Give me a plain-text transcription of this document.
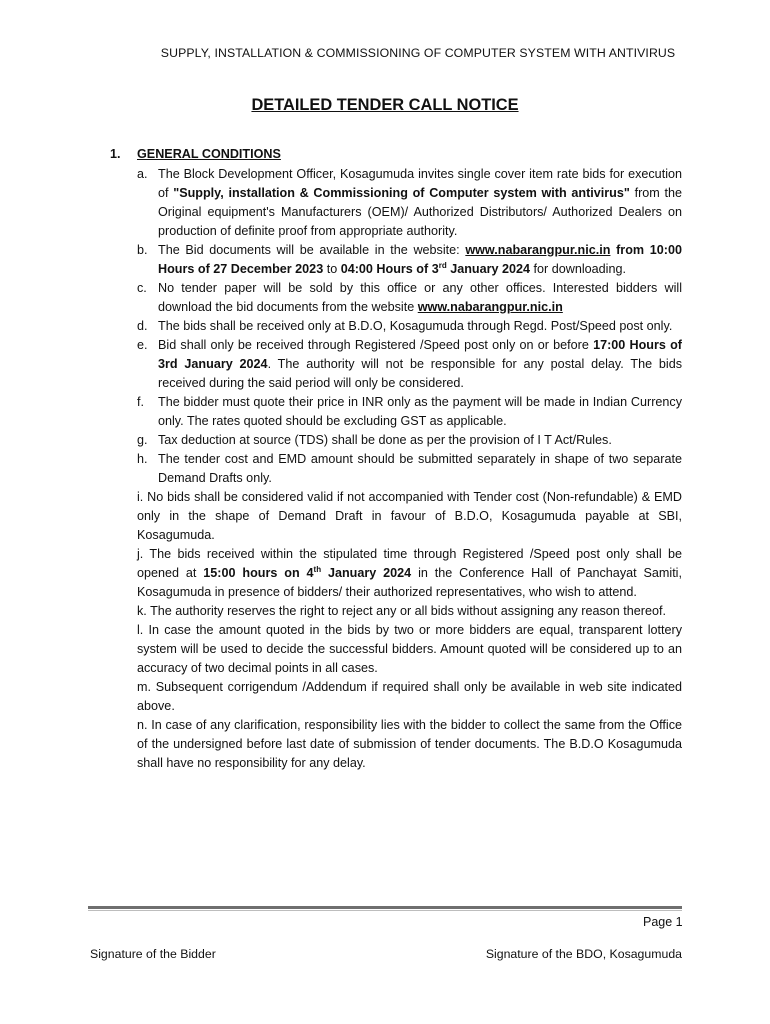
SUPPLY, INSTALLATION & COMMISSIONING OF COMPUTER SYSTEM WITH ANTIVIRUS
DETAILED TENDER CALL NOTICE
1. GENERAL CONDITIONS
a. The Block Development Officer, Kosagumuda invites single cover item rate bids for execution of "Supply, installation & Commissioning of Computer system with antivirus" from the Original equipment's Manufacturers (OEM)/ Authorized Distributors/ Authorized Dealers on production of definite proof from appropriate authority.
b. The Bid documents will be available in the website: www.nabarangpur.nic.in from 10:00 Hours of 27 December 2023 to 04:00 Hours of 3rd January 2024 for downloading.
c. No tender paper will be sold by this office or any other offices. Interested bidders will download the bid documents from the website www.nabarangpur.nic.in
d. The bids shall be received only at B.D.O, Kosagumuda through Regd. Post/Speed post only.
e. Bid shall only be received through Registered /Speed post only on or before 17:00 Hours of 3rd January 2024. The authority will not be responsible for any postal delay. The bids received during the said period will only be considered.
f. The bidder must quote their price in INR only as the payment will be made in Indian Currency only. The rates quoted should be excluding GST as applicable.
g. Tax deduction at source (TDS) shall be done as per the provision of I T Act/Rules.
h. The tender cost and EMD amount should be submitted separately in shape of two separate Demand Drafts only.
i. No bids shall be considered valid if not accompanied with Tender cost (Non-refundable) & EMD only in the shape of Demand Draft in favour of B.D.O, Kosagumuda payable at SBI, Kosagumuda.
j. The bids received within the stipulated time through Registered /Speed post only shall be opened at 15:00 hours on 4th January 2024 in the Conference Hall of Panchayat Samiti, Kosagumuda in presence of bidders/ their authorized representatives, who wish to attend.
k. The authority reserves the right to reject any or all bids without assigning any reason thereof.
l. In case the amount quoted in the bids by two or more bidders are equal, transparent lottery system will be used to decide the successful bidders. Amount quoted will be considered up to an accuracy of two decimal points in all cases.
m. Subsequent corrigendum /Addendum if required shall only be available in web site indicated above.
n. In case of any clarification, responsibility lies with the bidder to collect the same from the Office of the undersigned before last date of submission of tender documents. The B.D.O Kosagumuda shall have no responsibility for any delay.
Page 1
Signature of the Bidder	Signature of the BDO, Kosagumuda
